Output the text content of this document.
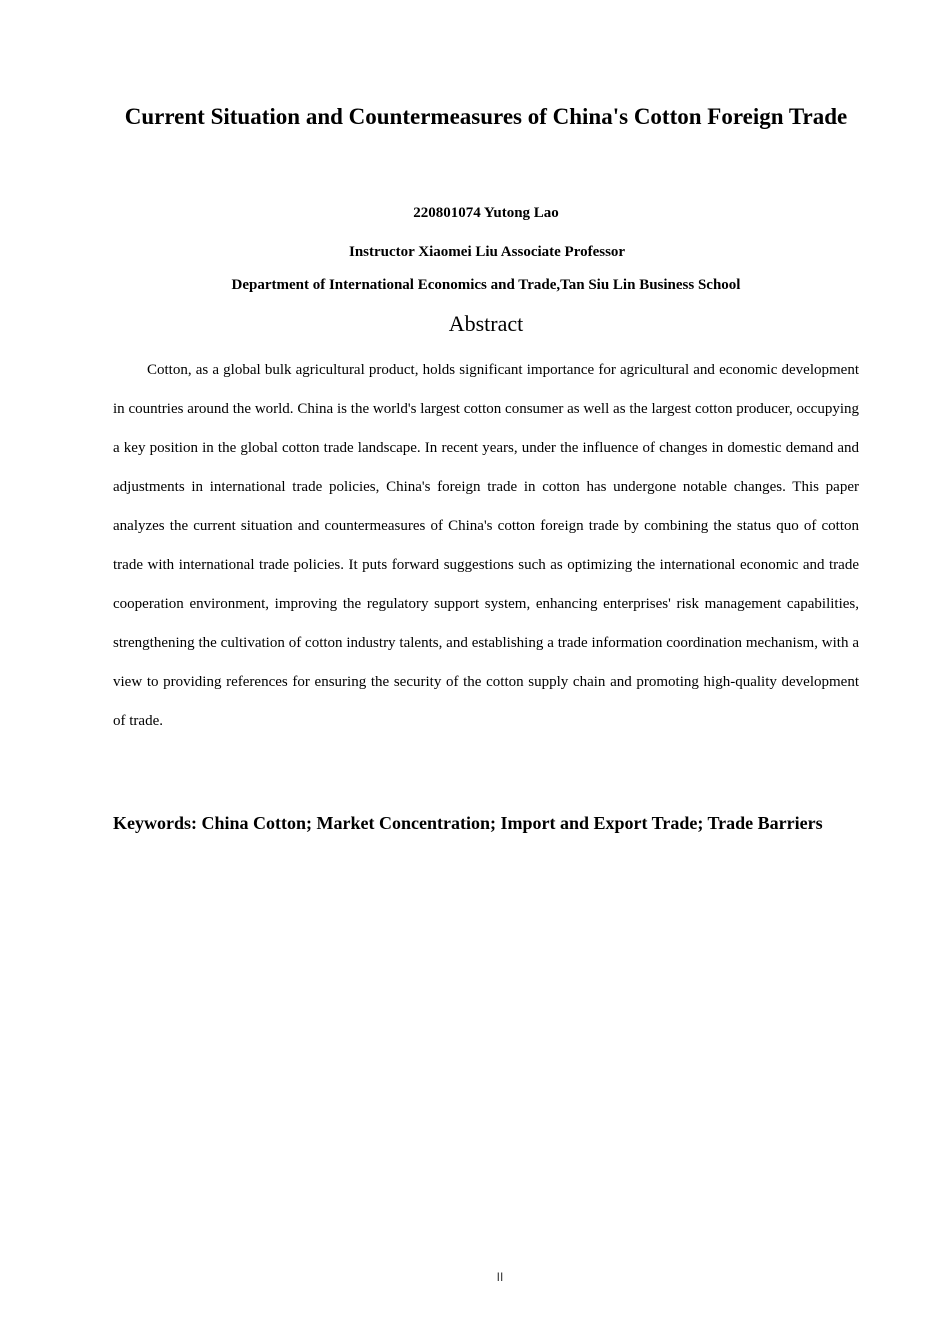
Current Situation and Countermeasures of China's Cotton Foreign Trade

220801074 Yutong Lao

Instructor Xiaomei Liu Associate Professor

Department of International Economics and Trade,Tan Siu Lin Business School

Abstract

Cotton, as a global bulk agricultural product, holds significant importance for agricultural and economic development in countries around the world. China is the world's largest cotton consumer as well as the largest cotton producer, occupying a key position in the global cotton trade landscape. In recent years, under the influence of changes in domestic demand and adjustments in international trade policies, China's foreign trade in cotton has undergone notable changes. This paper analyzes the current situation and countermeasures of China's cotton foreign trade by combining the status quo of cotton trade with international trade policies. It puts forward suggestions such as optimizing the international economic and trade cooperation environment, improving the regulatory support system, enhancing enterprises' risk management capabilities, strengthening the cultivation of cotton industry talents, and establishing a trade information coordination mechanism, with a view to providing references for ensuring the security of the cotton supply chain and promoting high-quality development of trade.

Keywords: China Cotton; Market Concentration; Import and Export Trade; Trade Barriers

II
